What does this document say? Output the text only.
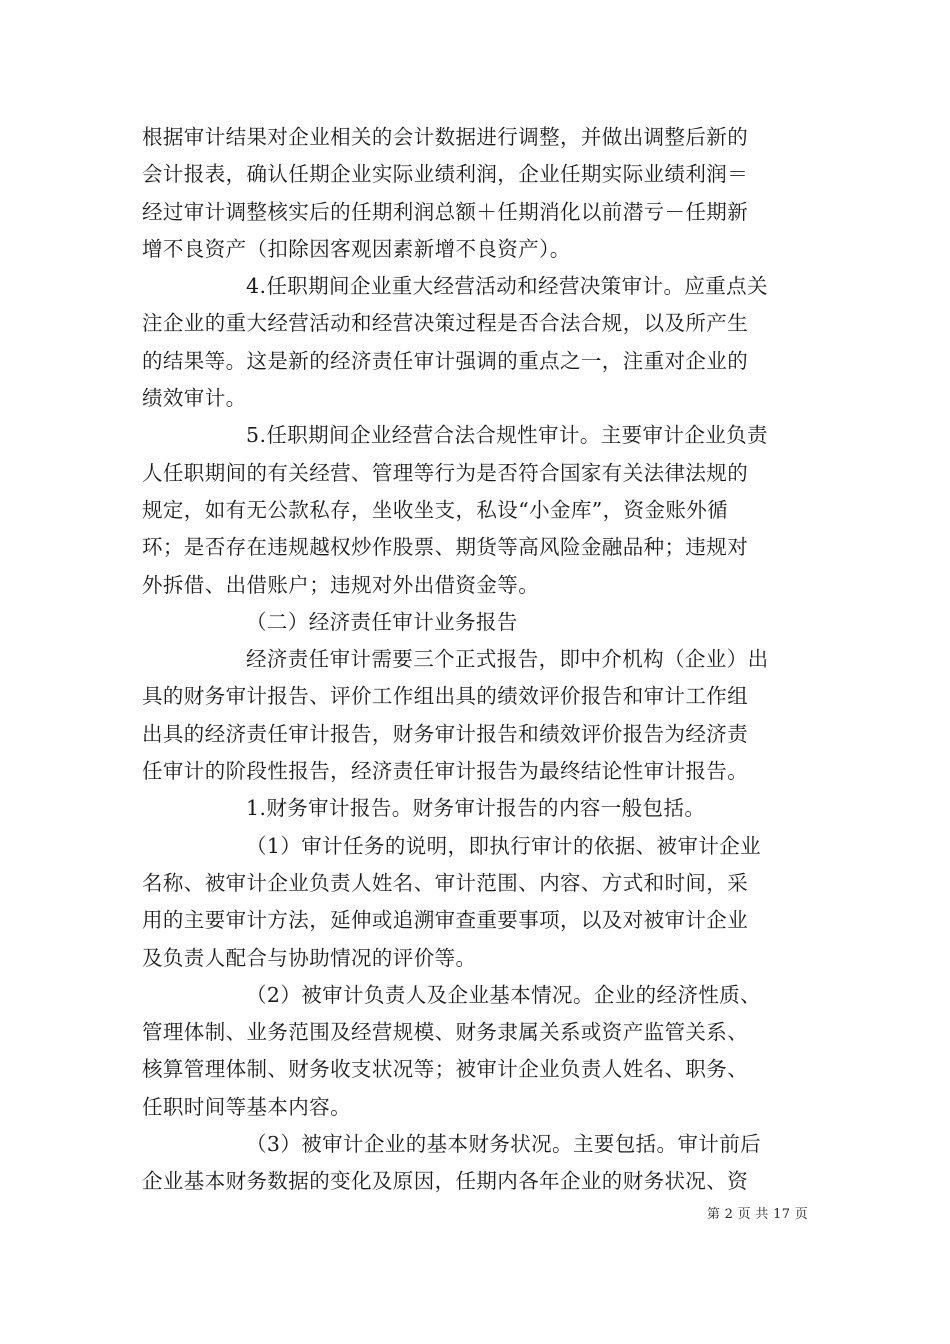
根据审计结果对企业相关的会计数据进行调整，并做出调整后新的
会计报表，确认任期企业实际业绩利润，企业任期实际业绩利润＝
经过审计调整核实后的任期利润总额＋任期消化以前潜亏－任期新
增不良资产（扣除因客观因素新增不良资产）。
4.任职期间企业重大经营活动和经营决策审计。应重点关
注企业的重大经营活动和经营决策过程是否合法合规，以及所产生
的结果等。这是新的经济责任审计强调的重点之一，注重对企业的
绩效审计。
5.任职期间企业经营合法合规性审计。主要审计企业负责
人任职期间的有关经营、管理等行为是否符合国家有关法律法规的
规定，如有无公款私存，坐收坐支，私设“小金库”，资金账外循
环；是否存在违规越权炒作股票、期货等高风险金融品种；违规对
外拆借、出借账户；违规对外出借资金等。
（二）经济责任审计业务报告
经济责任审计需要三个正式报告，即中介机构（企业）出
具的财务审计报告、评价工作组出具的绩效评价报告和审计工作组
出具的经济责任审计报告，财务审计报告和绩效评价报告为经济责
任审计的阶段性报告，经济责任审计报告为最终结论性审计报告。
1.财务审计报告。财务审计报告的内容一般包括。
（1）审计任务的说明，即执行审计的依据、被审计企业
名称、被审计企业负责人姓名、审计范围、内容、方式和时间，采
用的主要审计方法，延伸或追溯审查重要事项，以及对被审计企业
及负责人配合与协助情况的评价等。
（2）被审计负责人及企业基本情况。企业的经济性质、
管理体制、业务范围及经营规模、财务隶属关系或资产监管关系、
核算管理体制、财务收支状况等；被审计企业负责人姓名、职务、
任职时间等基本内容。
（3）被审计企业的基本财务状况。主要包括。审计前后
企业基本财务数据的变化及原因，任期内各年企业的财务状况、资
第 2 页 共 17 页
